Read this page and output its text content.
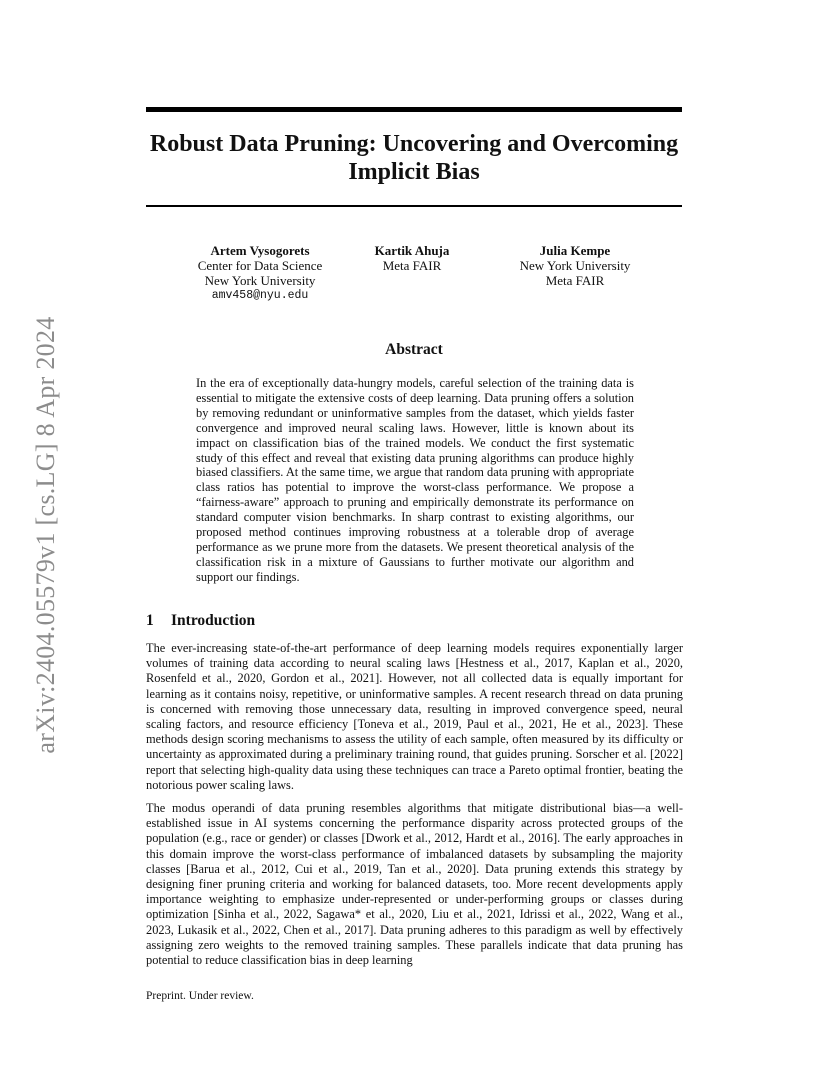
arXiv:2404.05579v1 [cs.LG] 8 Apr 2024
Robust Data Pruning: Uncovering and Overcoming Implicit Bias
Artem Vysogorets
Center for Data Science
New York University
amv458@nyu.edu
Kartik Ahuja
Meta FAIR
Julia Kempe
New York University
Meta FAIR
Abstract
In the era of exceptionally data-hungry models, careful selection of the training data is essential to mitigate the extensive costs of deep learning. Data pruning offers a solution by removing redundant or uninformative samples from the dataset, which yields faster convergence and improved neural scaling laws. However, little is known about its impact on classification bias of the trained models. We conduct the first systematic study of this effect and reveal that existing data pruning algorithms can produce highly biased classifiers. At the same time, we argue that random data pruning with appropriate class ratios has potential to improve the worst-class performance. We propose a “fairness-aware” approach to pruning and empirically demonstrate its performance on standard computer vision benchmarks. In sharp contrast to existing algorithms, our proposed method continues improving robustness at a tolerable drop of average performance as we prune more from the datasets. We present theoretical analysis of the classification risk in a mixture of Gaussians to further motivate our algorithm and support our findings.
1 Introduction
The ever-increasing state-of-the-art performance of deep learning models requires exponentially larger volumes of training data according to neural scaling laws [Hestness et al., 2017, Kaplan et al., 2020, Rosenfeld et al., 2020, Gordon et al., 2021]. However, not all collected data is equally important for learning as it contains noisy, repetitive, or uninformative samples. A recent research thread on data pruning is concerned with removing those unnecessary data, resulting in improved convergence speed, neural scaling factors, and resource efficiency [Toneva et al., 2019, Paul et al., 2021, He et al., 2023]. These methods design scoring mechanisms to assess the utility of each sample, often measured by its difficulty or uncertainty as approximated during a preliminary training round, that guides pruning. Sorscher et al. [2022] report that selecting high-quality data using these techniques can trace a Pareto optimal frontier, beating the notorious power scaling laws.
The modus operandi of data pruning resembles algorithms that mitigate distributional bias—a well-established issue in AI systems concerning the performance disparity across protected groups of the population (e.g., race or gender) or classes [Dwork et al., 2012, Hardt et al., 2016]. The early approaches in this domain improve the worst-class performance of imbalanced datasets by subsampling the majority classes [Barua et al., 2012, Cui et al., 2019, Tan et al., 2020]. Data pruning extends this strategy by designing finer pruning criteria and working for balanced datasets, too. More recent developments apply importance weighting to emphasize under-represented or under-performing groups or classes during optimization [Sinha et al., 2022, Sagawa* et al., 2020, Liu et al., 2021, Idrissi et al., 2022, Wang et al., 2023, Lukasik et al., 2022, Chen et al., 2017]. Data pruning adheres to this paradigm as well by effectively assigning zero weights to the removed training samples. These parallels indicate that data pruning has potential to reduce classification bias in deep learning
Preprint. Under review.
